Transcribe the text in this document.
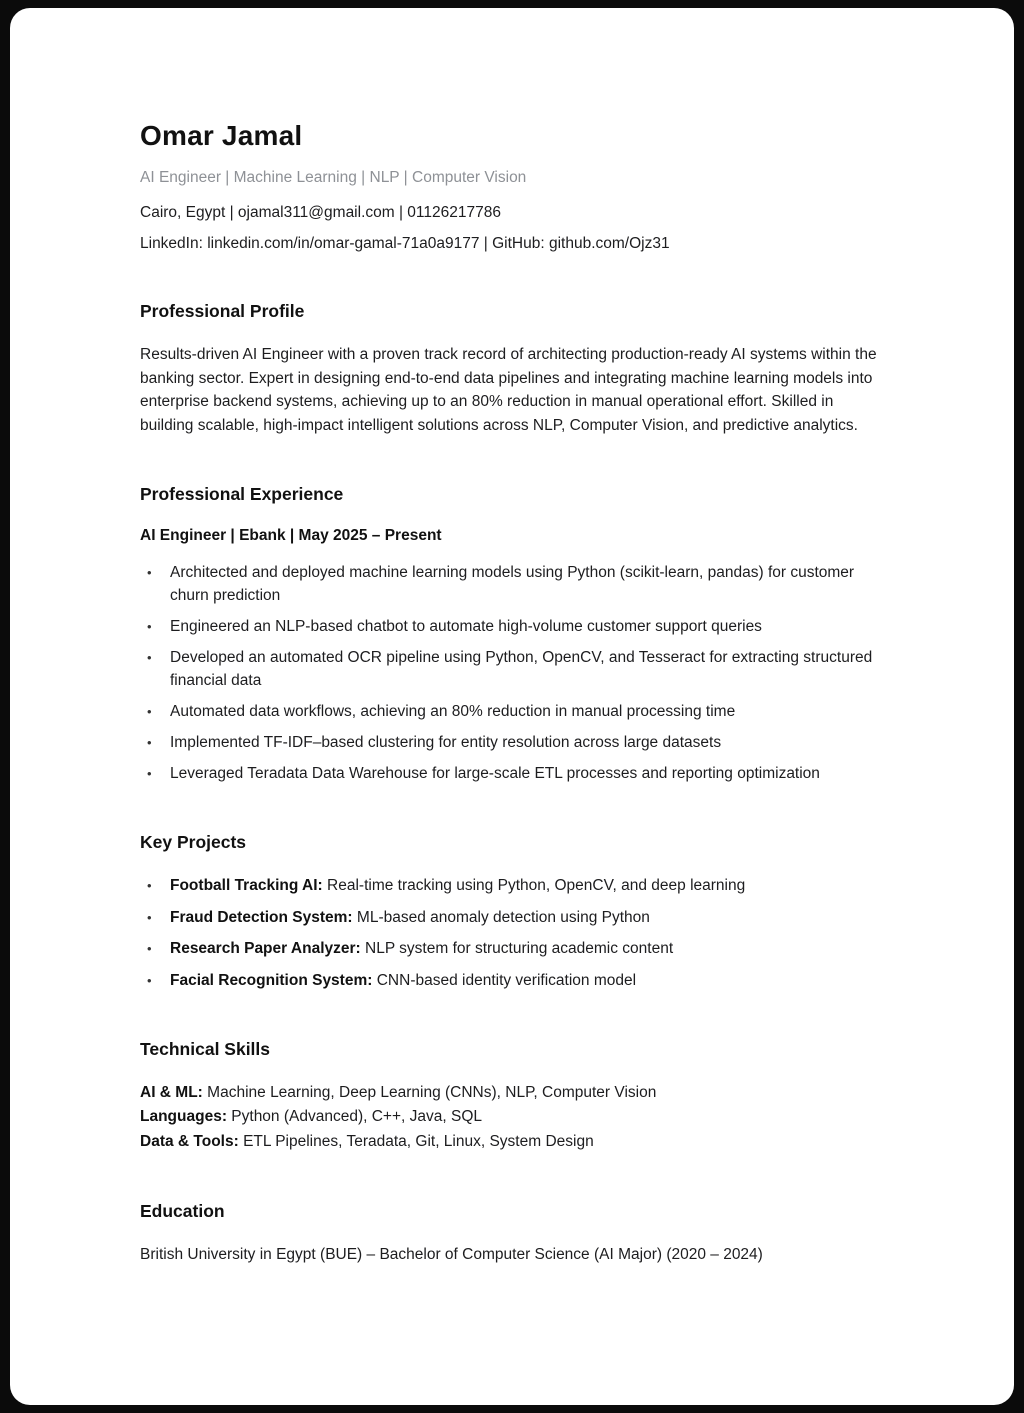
Omar Jamal

AI Engineer | Machine Learning | NLP | Computer Vision

Cairo, Egypt | ojamal311@gmail.com | 01126217786

LinkedIn: linkedin.com/in/omar-gamal-71a0a9177 | GitHub: github.com/Ojz31

Professional Profile

Results-driven AI Engineer with a proven track record of architecting production-ready AI systems within the banking sector. Expert in designing end-to-end data pipelines and integrating machine learning models into enterprise backend systems, achieving up to an 80% reduction in manual operational effort. Skilled in building scalable, high-impact intelligent solutions across NLP, Computer Vision, and predictive analytics.

Professional Experience

AI Engineer | Ebank | May 2025 – Present

•	Architected and deployed machine learning models using Python (scikit-learn, pandas) for customer churn prediction
•	Engineered an NLP-based chatbot to automate high-volume customer support queries
•	Developed an automated OCR pipeline using Python, OpenCV, and Tesseract for extracting structured financial data
•	Automated data workflows, achieving an 80% reduction in manual processing time
•	Implemented TF-IDF–based clustering for entity resolution across large datasets
•	Leveraged Teradata Data Warehouse for large-scale ETL processes and reporting optimization
Key Projects
•	Football Tracking AI: Real-time tracking using Python, OpenCV, and deep learning
•	Fraud Detection System: ML-based anomaly detection using Python
•	Research Paper Analyzer: NLP system for structuring academic content
•	Facial Recognition System: CNN-based identity verification model
Technical Skills

AI & ML: Machine Learning, Deep Learning (CNNs), NLP, Computer Vision
Languages: Python (Advanced), C++, Java, SQL
Data & Tools: ETL Pipelines, Teradata, Git, Linux, System Design

Education

British University in Egypt (BUE) – Bachelor of Computer Science (AI Major) (2020 – 2024)
